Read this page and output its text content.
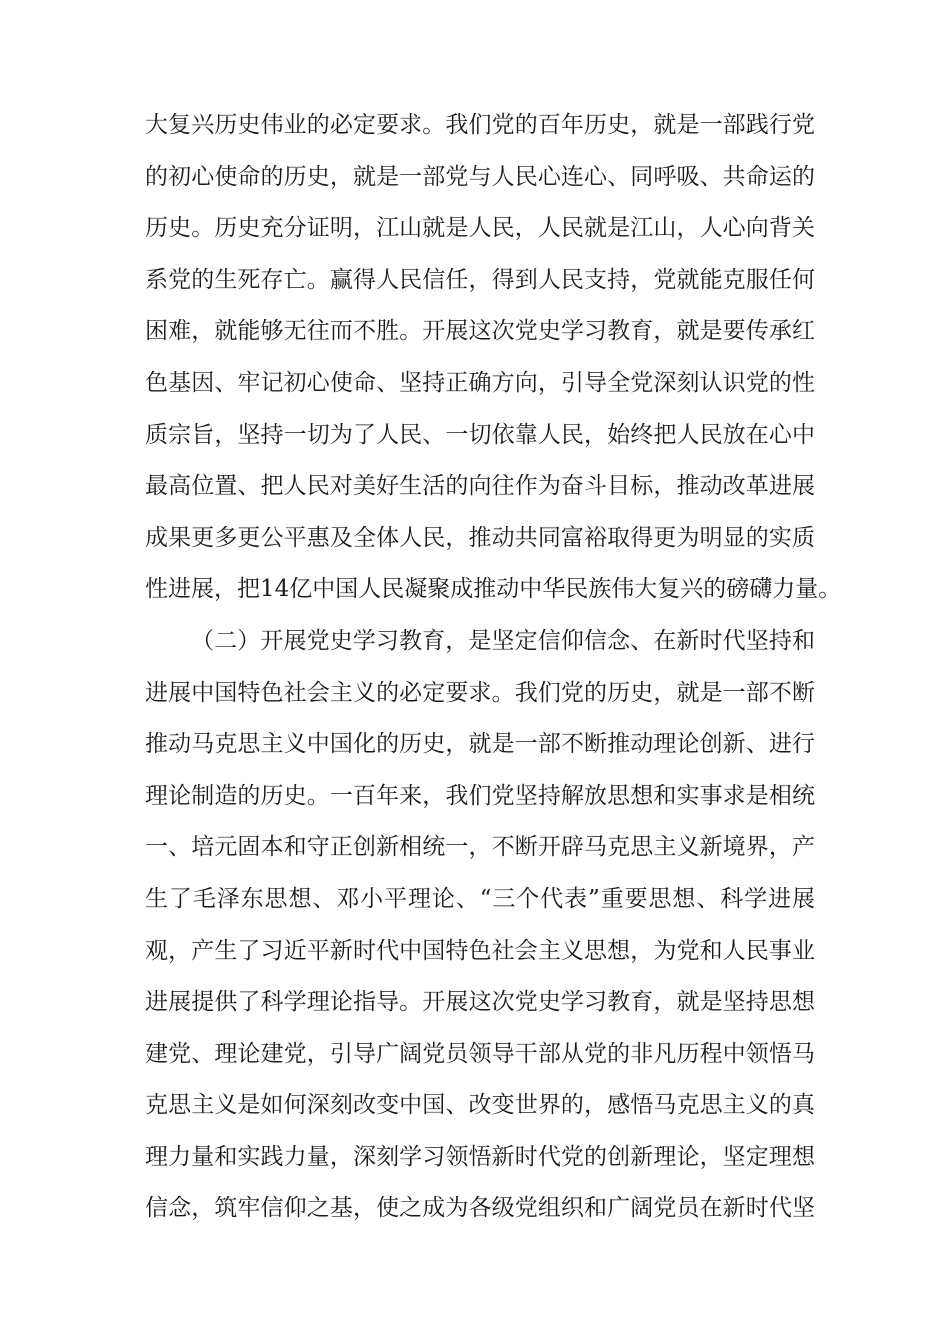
大复兴历史伟业的必定要求。我们党的百年历史，就是一部践行党
的初心使命的历史，就是一部党与人民心连心、同呼吸、共命运的
历史。历史充分证明，江山就是人民，人民就是江山，人心向背关
系党的生死存亡。赢得人民信任，得到人民支持，党就能克服任何
困难，就能够无往而不胜。开展这次党史学习教育，就是要传承红
色基因、牢记初心使命、坚持正确方向，引导全党深刻认识党的性
质宗旨，坚持一切为了人民、一切依靠人民，始终把人民放在心中
最高位置、把人民对美好生活的向往作为奋斗目标，推动改革进展
成果更多更公平惠及全体人民，推动共同富裕取得更为明显的实质
性进展，把14亿中国人民凝聚成推动中华民族伟大复兴的磅礴力量。
（二）开展党史学习教育，是坚定信仰信念、在新时代坚持和
进展中国特色社会主义的必定要求。我们党的历史，就是一部不断
推动马克思主义中国化的历史，就是一部不断推动理论创新、进行
理论制造的历史。一百年来，我们党坚持解放思想和实事求是相统
一、培元固本和守正创新相统一，不断开辟马克思主义新境界，产
生了毛泽东思想、邓小平理论、“三个代表”重要思想、科学进展
观，产生了习近平新时代中国特色社会主义思想，为党和人民事业
进展提供了科学理论指导。开展这次党史学习教育，就是坚持思想
建党、理论建党，引导广阔党员领导干部从党的非凡历程中领悟马
克思主义是如何深刻改变中国、改变世界的，感悟马克思主义的真
理力量和实践力量，深刻学习领悟新时代党的创新理论，坚定理想
信念，筑牢信仰之基，使之成为各级党组织和广阔党员在新时代坚
